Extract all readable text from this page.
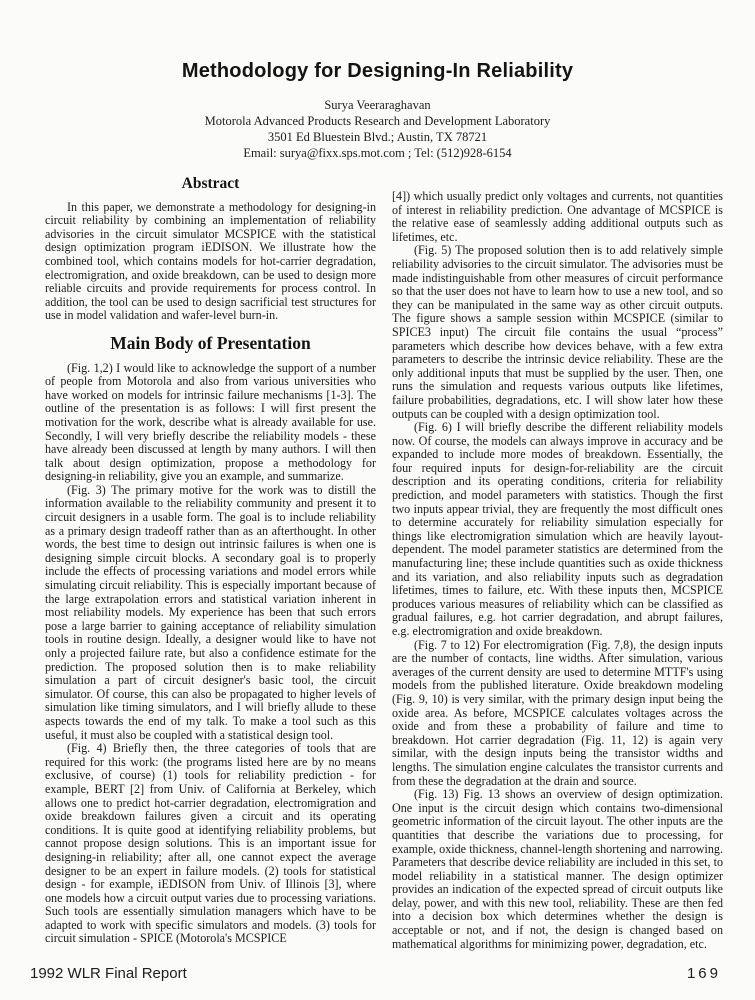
Methodology for Designing-In Reliability
Surya Veeraraghavan
Motorola Advanced Products Research and Development Laboratory
3501 Ed Bluestein Blvd.; Austin, TX 78721
Email: surya@fixx.sps.mot.com ; Tel: (512)928-6154
Abstract

In this paper, we demonstrate a methodology for designing-in circuit reliability by combining an implementation of reliability advisories in the circuit simulator MCSPICE with the statistical design optimization program iEDISON. We illustrate how the combined tool, which contains models for hot-carrier degradation, electromigration, and oxide breakdown, can be used to design more reliable circuits and provide requirements for process control. In addition, the tool can be used to design sacrificial test structures for use in model validation and wafer-level burn-in.

Main Body of Presentation

(Fig. 1,2) I would like to acknowledge the support of a number of people from Motorola and also from various universities who have worked on models for intrinsic failure mechanisms [1-3]. The outline of the presentation is as follows: I will first present the motivation for the work, describe what is already available for use. Secondly, I will very briefly describe the reliability models - these have already been discussed at length by many authors. I will then talk about design optimization, propose a methodology for designing-in reliability, give you an example, and summarize.

(Fig. 3) The primary motive for the work was to distill the information available to the reliability community and present it to circuit designers in a usable form. The goal is to include reliability as a primary design tradeoff rather than as an afterthought. In other words, the best time to design out intrinsic failures is when one is designing simple circuit blocks. A secondary goal is to properly include the effects of processing variations and model errors while simulating circuit reliability. This is especially important because of the large extrapolation errors and statistical variation inherent in most reliability models. My experience has been that such errors pose a large barrier to gaining acceptance of reliability simulation tools in routine design. Ideally, a designer would like to have not only a projected failure rate, but also a confidence estimate for the prediction. The proposed solution then is to make reliability simulation a part of circuit designer's basic tool, the circuit simulator. Of course, this can also be propagated to higher levels of simulation like timing simulators, and I will briefly allude to these aspects towards the end of my talk. To make a tool such as this useful, it must also be coupled with a statistical design tool.

(Fig. 4) Briefly then, the three categories of tools that are required for this work: (the programs listed here are by no means exclusive, of course) (1) tools for reliability prediction - for example, BERT [2] from Univ. of California at Berkeley, which allows one to predict hot-carrier degradation, electromigration and oxide breakdown failures given a circuit and its operating conditions. It is quite good at identifying reliability problems, but cannot propose design solutions. This is an important issue for designing-in reliability; after all, one cannot expect the average designer to be an expert in failure models. (2) tools for statistical design - for example, iEDISON from Univ. of Illinois [3], where one models how a circuit output varies due to processing variations. Such tools are essentially simulation managers which have to be adapted to work with specific simulators and models. (3) tools for circuit simulation - SPICE (Motorola's MCSPICE

[4]) which usually predict only voltages and currents, not quantities of interest in reliability prediction. One advantage of MCSPICE is the relative ease of seamlessly adding additional outputs such as lifetimes, etc.

(Fig. 5) The proposed solution then is to add relatively simple reliability advisories to the circuit simulator. The advisories must be made indistinguishable from other measures of circuit performance so that the user does not have to learn how to use a new tool, and so they can be manipulated in the same way as other circuit outputs. The figure shows a sample session within MCSPICE (similar to SPICE3 input) The circuit file contains the usual “process” parameters which describe how devices behave, with a few extra parameters to describe the intrinsic device reliability. These are the only additional inputs that must be supplied by the user. Then, one runs the simulation and requests various outputs like lifetimes, failure probabilities, degradations, etc. I will show later how these outputs can be coupled with a design optimization tool.

(Fig. 6) I will briefly describe the different reliability models now. Of course, the models can always improve in accuracy and be expanded to include more modes of breakdown. Essentially, the four required inputs for design-for-reliability are the circuit description and its operating conditions, criteria for reliability prediction, and model parameters with statistics. Though the first two inputs appear trivial, they are frequently the most difficult ones to determine accurately for reliability simulation especially for things like electromigration simulation which are heavily layout-dependent. The model parameter statistics are determined from the manufacturing line; these include quantities such as oxide thickness and its variation, and also reliability inputs such as degradation lifetimes, times to failure, etc. With these inputs then, MCSPICE produces various measures of reliability which can be classified as gradual failures, e.g. hot carrier degradation, and abrupt failures, e.g. electromigration and oxide breakdown.

(Fig. 7 to 12) For electromigration (Fig. 7,8), the design inputs are the number of contacts, line widths. After simulation, various averages of the current density are used to determine MTTF's using models from the published literature. Oxide breakdown modeling (Fig. 9, 10) is very similar, with the primary design input being the oxide area. As before, MCSPICE calculates voltages across the oxide and from these a probability of failure and time to breakdown. Hot carrier degradation (Fig. 11, 12) is again very similar, with the design inputs being the transistor widths and lengths. The simulation engine calculates the transistor currents and from these the degradation at the drain and source.

(Fig. 13) Fig. 13 shows an overview of design optimization. One input is the circuit design which contains two-dimensional geometric information of the circuit layout. The other inputs are the quantities that describe the variations due to processing, for example, oxide thickness, channel-length shortening and narrowing. Parameters that describe device reliability are included in this set, to model reliability in a statistical manner. The design optimizer provides an indication of the expected spread of circuit outputs like delay, power, and with this new tool, reliability. These are then fed into a decision box which determines whether the design is acceptable or not, and if not, the design is changed based on mathematical algorithms for minimizing power, degradation, etc.

1992 WLR Final Report	169
